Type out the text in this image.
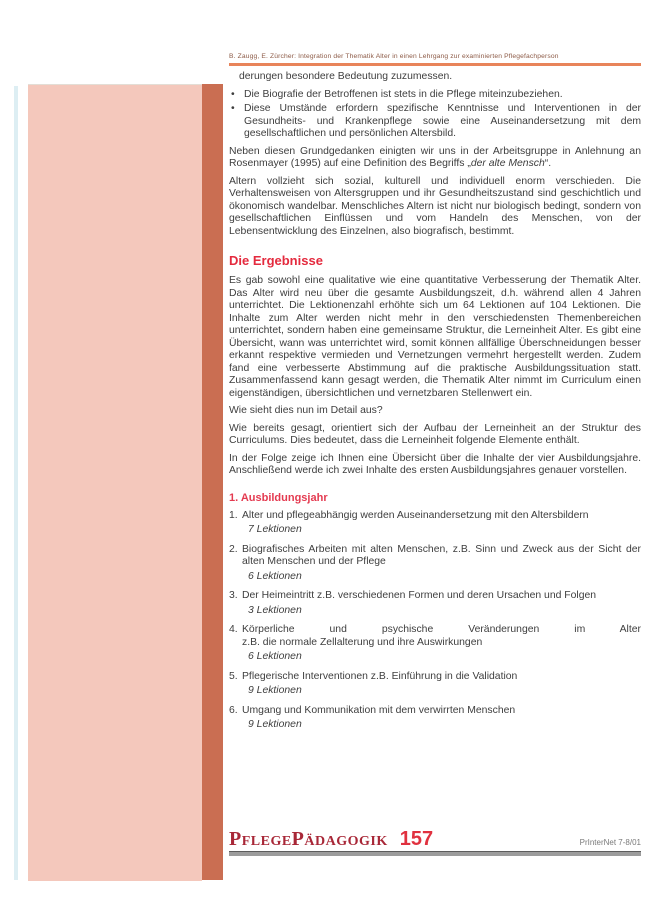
B. Zaugg, E. Zürcher: Integration der Thematik Alter in einen Lehrgang zur examinierten Pflegefachperson

derungen besondere Bedeutung zuzumessen.

• Die Biografie der Betroffenen ist stets in die Pflege miteinzubeziehen.
• Diese Umstände erfordern spezifische Kenntnisse und Interventionen in der Gesundheits- und Krankenpflege sowie eine Auseinandersetzung mit dem gesellschaftlichen und persönlichen Altersbild.

Neben diesen Grundgedanken einigten wir uns in der Arbeitsgruppe in Anlehnung an Rosenmayer (1995) auf eine Definition des Begriffs „der alte Mensch“.

Altern vollzieht sich sozial, kulturell und individuell enorm verschieden. Die Verhaltensweisen von Altersgruppen und ihr Gesundheitszustand sind geschichtlich und ökonomisch wandelbar. Menschliches Altern ist nicht nur biologisch bedingt, sondern von gesellschaftlichen Einflüssen und vom Handeln des Menschen, von der Lebensentwicklung des Einzelnen, also biografisch, bestimmt.

Die Ergebnisse

Es gab sowohl eine qualitative wie eine quantitative Verbesserung der Thematik Alter. Das Alter wird neu über die gesamte Ausbildungszeit, d.h. während allen 4 Jahren unterrichtet. Die Lektionenzahl erhöhte sich um 64 Lektionen auf 104 Lektionen. Die Inhalte zum Alter werden nicht mehr in den verschiedensten Themenbereichen unterrichtet, sondern haben eine gemeinsame Struktur, die Lerneinheit Alter. Es gibt eine Übersicht, wann was unterrichtet wird, somit können allfällige Überschneidungen besser erkannt respektive vermieden und Vernetzungen vermehrt hergestellt werden. Zudem fand eine verbesserte Abstimmung auf die praktische Ausbildungssituation statt. Zusammenfassend kann gesagt werden, die Thematik Alter nimmt im Curriculum einen eigenständigen, übersichtlichen und vernetzbaren Stellenwert ein.

Wie sieht dies nun im Detail aus?

Wie bereits gesagt, orientiert sich der Aufbau der Lerneinheit an der Struktur des Curriculums. Dies bedeutet, dass die Lerneinheit folgende Elemente enthält.

In der Folge zeige ich Ihnen eine Übersicht über die Inhalte der vier Ausbildungsjahre. Anschließend werde ich zwei Inhalte des ersten Ausbildungsjahres genauer vorstellen.

1. Ausbildungsjahr
1. Alter und pflegeabhängig werden Auseinandersetzung mit den Altersbildern
7 Lektionen
2. Biografisches Arbeiten mit alten Menschen, z.B. Sinn und Zweck aus der Sicht der alten Menschen und der Pflege
6 Lektionen
3. Der Heimeintritt z.B. verschiedenen Formen und deren Ursachen und Folgen
3 Lektionen
4. Körperliche und psychische Veränderungen im Alter
z.B. die normale Zellalterung und ihre Auswirkungen
6 Lektionen
5. Pflegerische Interventionen z.B. Einführung in die Validation
9 Lektionen
6. Umgang und Kommunikation mit dem verwirrten Menschen
9 Lektionen
PflegePädagogik 157	PrInterNet 7-8/01
